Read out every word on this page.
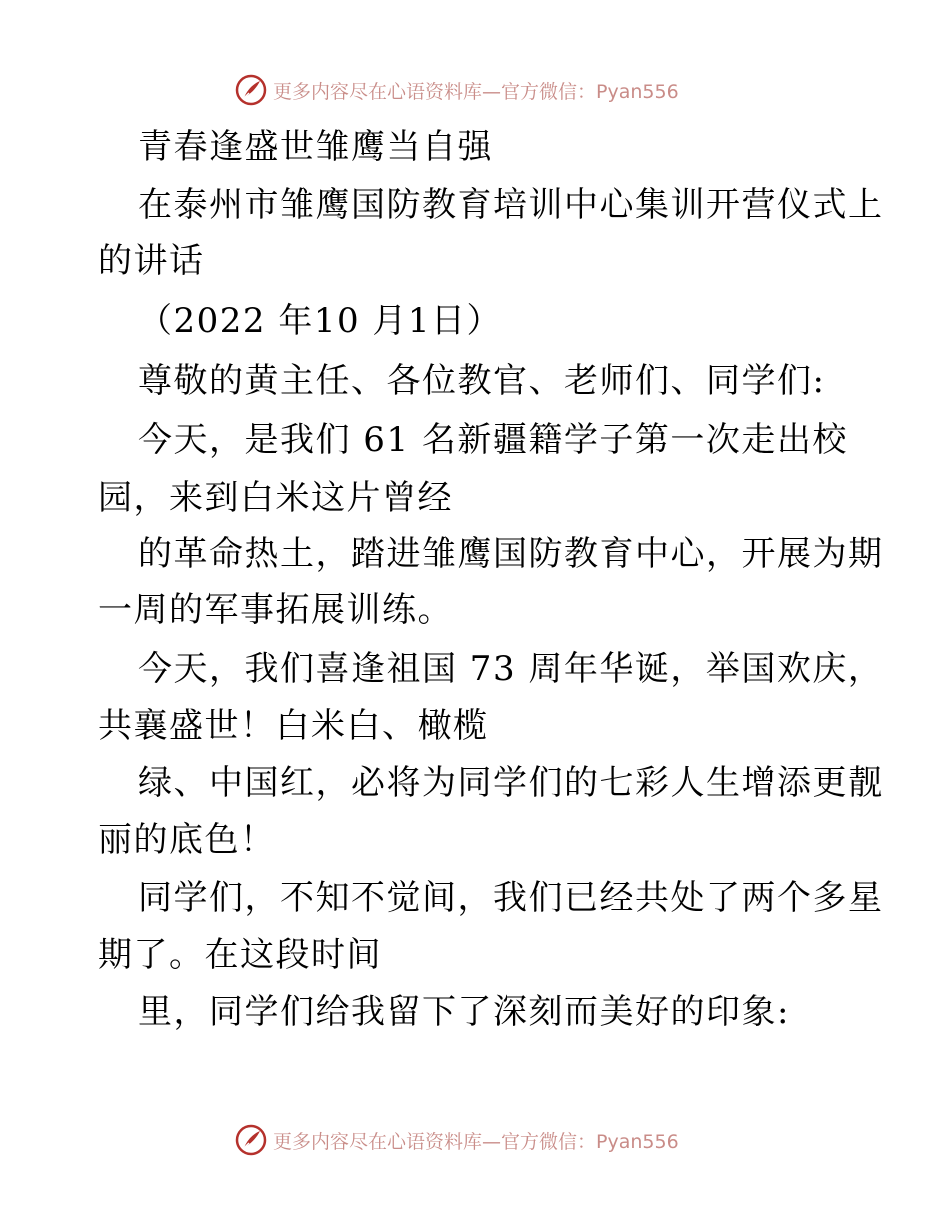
更多内容尽在心语资料库—官方微信：Pyan556
青春逢盛世雏鹰当自强
在泰州市雏鹰国防教育培训中心集训开营仪式上
的讲话
（2022 年10 月1日）
尊敬的黄主任、各位教官、老师们、同学们:
今天，是我们 61 名新疆籍学子第一次走出校
园，来到白米这片曾经
的革命热土，踏进雏鹰国防教育中心，开展为期
一周的军事拓展训练。
今天，我们喜逢祖国 73 周年华诞，举国欢庆，
共襄盛世！白米白、橄榄
绿、中国红，必将为同学们的七彩人生增添更靓
丽的底色！
同学们，不知不觉间，我们已经共处了两个多星
期了。在这段时间
里，同学们给我留下了深刻而美好的印象:
更多内容尽在心语资料库—官方微信：Pyan556
